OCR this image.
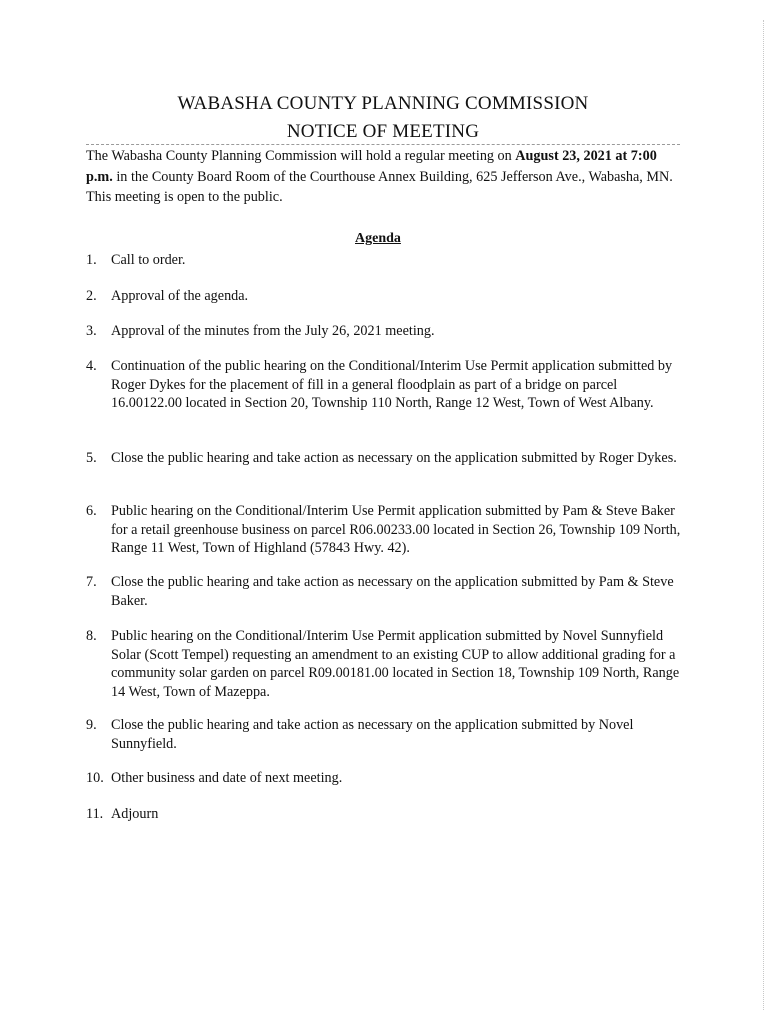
WABASHA COUNTY PLANNING COMMISSION
NOTICE OF MEETING
The Wabasha County Planning Commission will hold a regular meeting on August 23, 2021 at 7:00 p.m. in the County Board Room of the Courthouse Annex Building, 625 Jefferson Ave., Wabasha, MN. This meeting is open to the public.
Agenda
1. Call to order.
2. Approval of the agenda.
3. Approval of the minutes from the July 26, 2021 meeting.
4. Continuation of the public hearing on the Conditional/Interim Use Permit application submitted by Roger Dykes for the placement of fill in a general floodplain as part of a bridge on parcel 16.00122.00 located in Section 20, Township 110 North, Range 12 West, Town of West Albany.
5. Close the public hearing and take action as necessary on the application submitted by Roger Dykes.
6. Public hearing on the Conditional/Interim Use Permit application submitted by Pam & Steve Baker for a retail greenhouse business on parcel R06.00233.00 located in Section 26, Township 109 North, Range 11 West, Town of Highland (57843 Hwy. 42).
7. Close the public hearing and take action as necessary on the application submitted by Pam & Steve Baker.
8. Public hearing on the Conditional/Interim Use Permit application submitted by Novel Sunnyfield Solar (Scott Tempel) requesting an amendment to an existing CUP to allow additional grading for a community solar garden on parcel R09.00181.00 located in Section 18, Township 109 North, Range 14 West, Town of Mazeppa.
9. Close the public hearing and take action as necessary on the application submitted by Novel Sunnyfield.
10. Other business and date of next meeting.
11. Adjourn
